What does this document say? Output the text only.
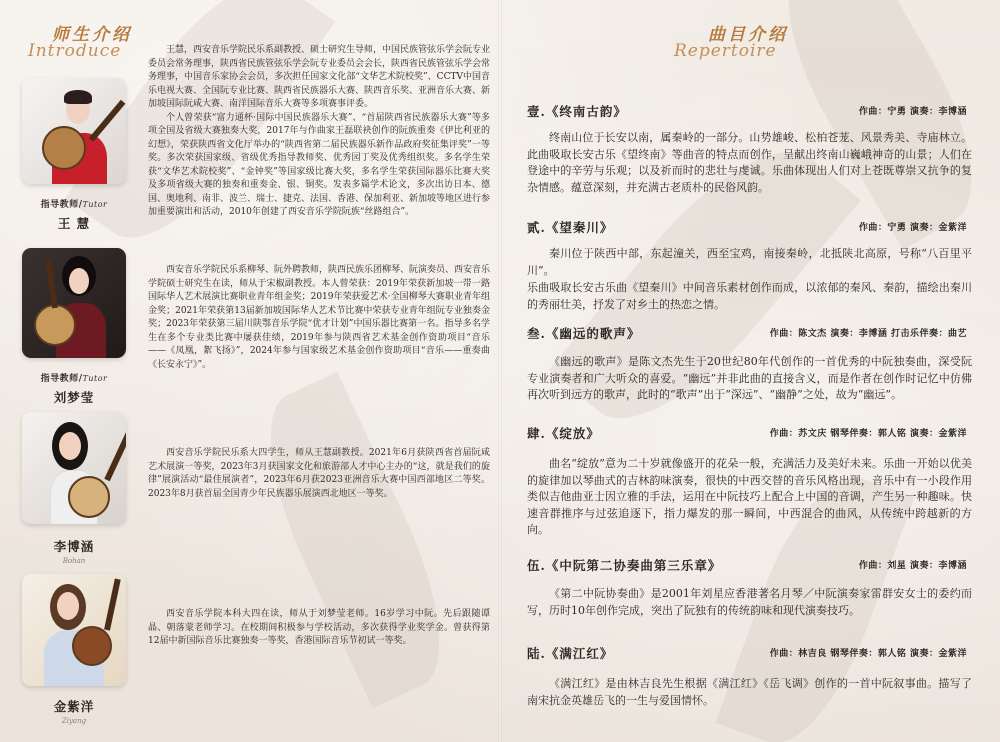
师生介绍
Introduce
指导教师/Tutor
王 慧

王慧，西安音乐学院民乐系副教授、硕士研究生导师，中国民族管弦乐学会阮专业委员会常务理事，陕西省民族管弦乐学会阮专业委员会会长，陕西省民族管弦乐学会常务理事，中国音乐家协会会员，多次担任国家文化部“文华艺术院校奖”、CCTV中国音乐电视大赛、全国阮专业比赛、陕西省民族器乐大赛、陕西音乐奖、亚洲音乐大赛、新加坡国际阮咸大赛、南洋国际音乐大赛等多项赛事评委。

个人曾荣获“富力通杯·国际中国民族器乐大赛”、“首届陕西省民族器乐大赛”等多项全国及省级大赛独奏大奖，2017年与作曲家王磊联袂创作的阮族重奏《伊比利亚的幻想》，荣获陕西省文化厅举办的“陕西省第二届民族器乐新作品政府奖征集评奖”一等奖。多次荣获国家级、省级优秀指导教师奖、优秀园丁奖及优秀组织奖。多名学生荣获“文华艺术院校奖”、“金钟奖”等国家级比赛大奖，多名学生荣获国际器乐比赛大奖及多项省级大赛的独奏和重奏金、银、铜奖。发表多篇学术论文，多次出访日本、德国、奥地利、南非、波兰、瑞士、捷克、法国、香港、保加利亚、新加坡等地区进行参加重要演出和活动，2010年创建了西安音乐学院阮族“丝路组合”。

指导教师/Tutor
刘梦莹

西安音乐学院民乐系柳琴、阮外聘教师，陕西民族乐团柳琴、阮演奏员、西安音乐学院硕士研究生在读，师从于宋椒副教授。本人曾荣获：2019年荣获新加坡一带一路国际华人艺术展演比赛职业青年组金奖；2019年荣获爱艺术·全国柳琴大赛职业青年组金奖；2021年荣获第13届新加坡国际华人艺术节比赛中荣获专业青年组阮专业独奏金奖；2023年荣获第三届川陕鄂音乐学院“优才计划”中国乐器比赛第一名。指导多名学生在多个专业类比赛中屡获佳绩，2019年参与陕西省艺术基金创作资助项目“音乐——《凤凰，絮飞扬》”，2024年参与国家级艺术基金创作资助项目“音乐——重奏曲《长安永宁》”。

李博涵
Bohan

西安音乐学院民乐系大四学生，师从王慧副教授。2021年6月获陕西省首届阮咸艺术展演一等奖，2023年3月获国家文化和旅游部人才中心主办的“这，就是我们的旋律”展演活动“最佳展演者”，2023年6月获2023亚洲音乐大赛中国西部地区二等奖。2023年8月获首届全国青少年民族器乐展演西北地区一等奖。

金紫洋
Ziyang

西安音乐学院本科大四在读，师从于刘梦莹老师。16岁学习中阮。先后跟随谭晶、朝落蒙老师学习。在校期间积极参与学校活动，多次获得学业奖学金。曾获得第12届中新国际音乐比赛独奏一等奖，香港国际音乐节初试一等奖。

曲目介绍
Repertoire
壹.《终南古韵》	作曲：宁勇 演奏：李博涵
终南山位于长安以南，属秦岭的一部分。山势雄峻、松柏苍茏、风景秀美、寺庙林立。此曲吸取长安古乐《望终南》等曲音的特点而创作，呈献出终南山巍峨神奇的山景；人们在登途中的辛劳与乐观；以及祈而时的悲壮与虔诚。乐曲体现出人们对上苍既尊崇又抗争的复杂情感。蕴意深刻，并充满古老质朴的民俗风韵。
贰.《望秦川》	作曲：宁勇 演奏：金紫洋
秦川位于陕西中部，东起潼关，西至宝鸡，南接秦岭，北抵陕北高原，号称“八百里平川”。
乐曲吸取长安古乐曲《望秦川》中间音乐素材创作而成，以浓郁的秦风、秦韵，描绘出秦川的秀丽壮美，抒发了对乡土的热恋之情。
叁.《幽远的歌声》	作曲：陈文杰 演奏：李博涵 打击乐伴奏：曲艺
《幽远的歌声》是陈文杰先生于20世纪80年代创作的一首优秀的中阮独奏曲，深受阮专业演奏者和广大听众的喜爱。“幽远”并非此曲的直接含义，而是作者在创作时记忆中仿佛再次听到远方的歌声，此时的“歌声”出于“深远”、“幽静”之处，故为“幽远”。
肆.《绽放》	作曲：苏文庆 钢琴伴奏：郭人铭 演奏：金紫洋
曲名“绽放”意为二十岁就像盛开的花朵一般，充满活力及美好未来。乐曲一开始以优美的旋律加以琴曲式的吉林韵味演奏，很快的中西交替的音乐风格出现，音乐中有一小段作用类似吉他曲亚士因立雅的手法，运用在中阮技巧上配合上中国的音调，产生另一种趣味。快速音群推序与过弦追逐下，指力爆发的那一瞬间，中西混合的曲风，从传统中跨越新的方向。
伍.《中阮第二协奏曲第三乐章》	作曲：刘星 演奏：李博涵
《第二中阮协奏曲》是2001年刘星应香港著名月琴／中阮演奏家雷群安女士的委约而写，历时10年创作完成，突出了阮独有的传统韵味和现代演奏技巧。
陆.《满江红》	作曲：林吉良 钢琴伴奏：郭人铭 演奏：金紫洋
《满江红》是由林吉良先生根据《满江红》《岳飞调》创作的一首中阮叙事曲。描写了南宋抗金英雄岳飞的一生与爱国情怀。
